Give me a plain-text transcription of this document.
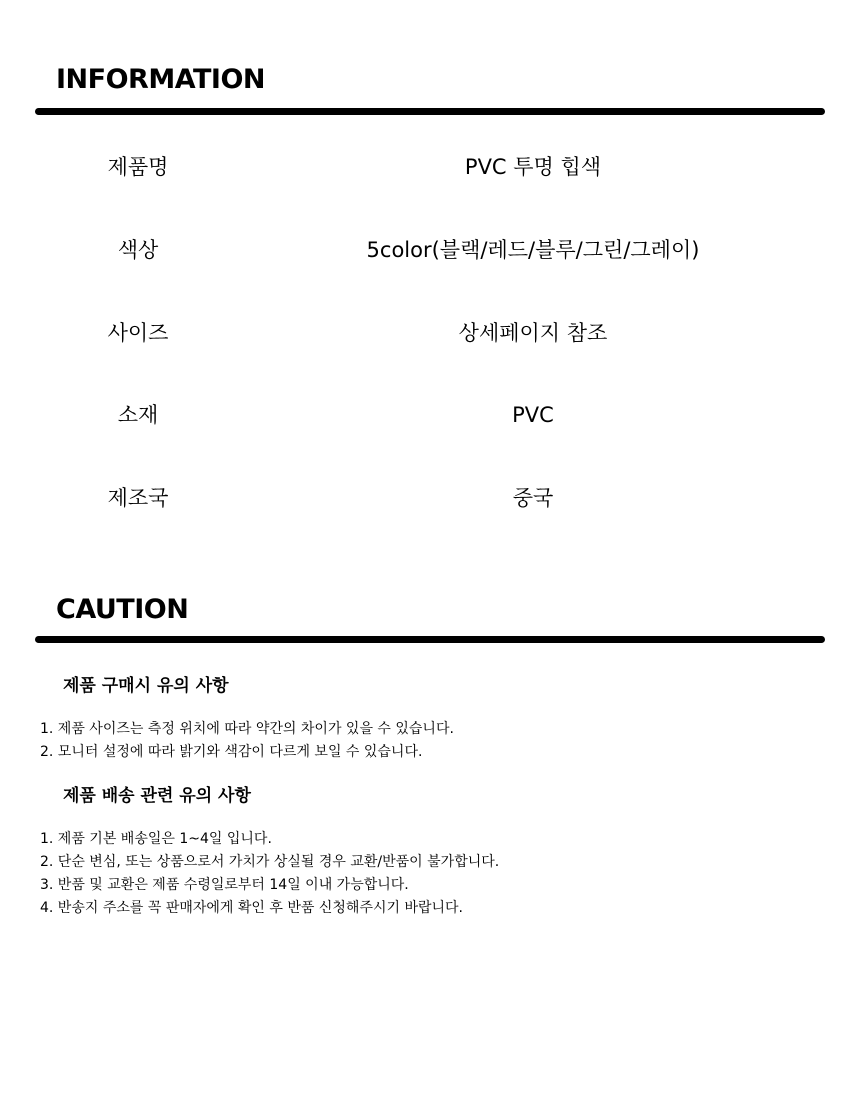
INFORMATION
제품명	PVC 투명 힙색
색상	5color(블랙/레드/블루/그린/그레이)
사이즈	상세페이지 참조
소재	PVC
제조국	중국
CAUTION
제품 구매시 유의 사항
1. 제품 사이즈는 측정 위치에 따라 약간의 차이가 있을 수 있습니다.
2. 모니터 설정에 따라 밝기와 색감이 다르게 보일 수 있습니다.
제품 배송 관련 유의 사항
1. 제품 기본 배송일은 1~4일 입니다.
2. 단순 변심, 또는 상품으로서 가치가 상실될 경우 교환/반품이 불가합니다.
3. 반품 및 교환은 제품 수령일로부터 14일 이내 가능합니다.
4. 반송지 주소를 꼭 판매자에게 확인 후 반품 신청해주시기 바랍니다.
